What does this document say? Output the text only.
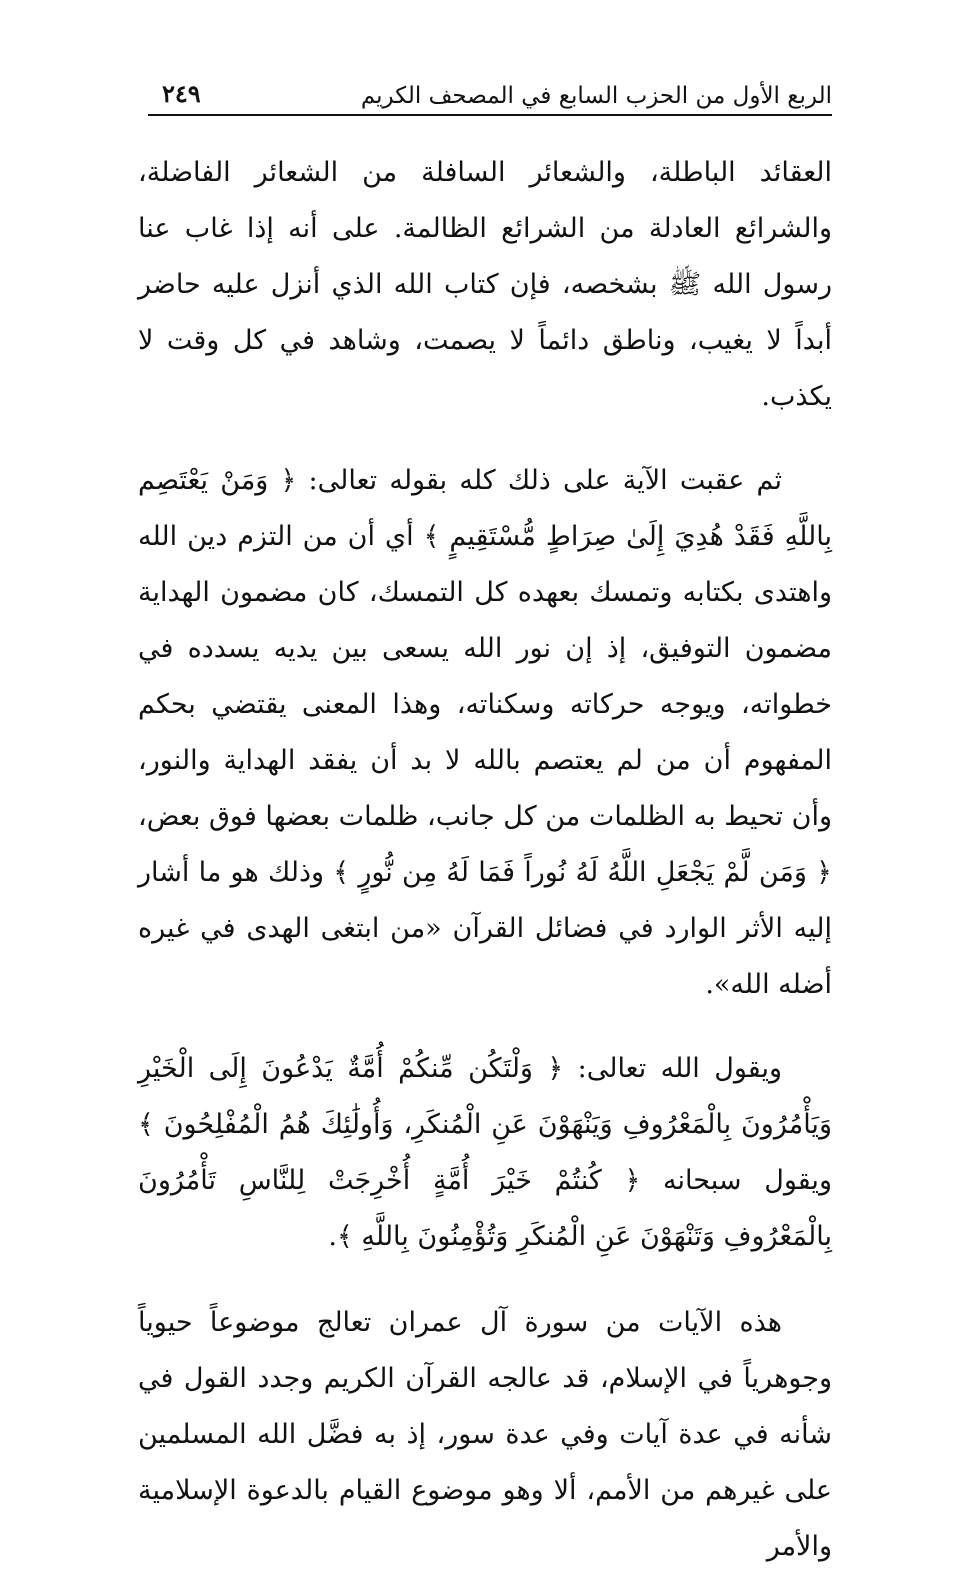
الربع الأول من الحزب السابع في المصحف الكريم
٢٤٩

العقائد الباطلة، والشعائر السافلة من الشعائر الفاضلة، والشرائع العادلة من الشرائع الظالمة. على أنه إذا غاب عنا رسول الله ﷺ بشخصه، فإن كتاب الله الذي أنزل عليه حاضر أبداً لا يغيب، وناطق دائماً لا يصمت، وشاهد في كل وقت لا يكذب.

ثم عقبت الآية على ذلك كله بقوله تعالى: ﴿ وَمَنْ يَعْتَصِم بِاللَّهِ فَقَدْ هُدِيَ إِلَىٰ صِرَاطٍ مُّسْتَقِيمٍ ﴾ أي أن من التزم دين الله واهتدى بكتابه وتمسك بعهده كل التمسك، كان مضمون الهداية مضمون التوفيق، إذ إن نور الله يسعى بين يديه يسدده في خطواته، ويوجه حركاته وسكناته، وهذا المعنى يقتضي بحكم المفهوم أن من لم يعتصم بالله لا بد أن يفقد الهداية والنور، وأن تحيط به الظلمات من كل جانب، ظلمات بعضها فوق بعض، ﴿ وَمَن لَّمْ يَجْعَلِ اللَّهُ لَهُ نُوراً فَمَا لَهُ مِن نُّورٍ ﴾ وذلك هو ما أشار إليه الأثر الوارد في فضائل القرآن «من ابتغى الهدى في غيره أضله الله».

ويقول الله تعالى: ﴿ وَلْتَكُن مِّنكُمْ أُمَّةٌ يَدْعُونَ إِلَى الْخَيْرِ وَيَأْمُرُونَ بِالْمَعْرُوفِ وَيَنْهَوْنَ عَنِ الْمُنكَرِ، وَأُولَٰئِكَ هُمُ الْمُفْلِحُونَ ﴾ ويقول سبحانه ﴿ كُنتُمْ خَيْرَ أُمَّةٍ أُخْرِجَتْ لِلنَّاسِ تَأْمُرُونَ بِالْمَعْرُوفِ وَتَنْهَوْنَ عَنِ الْمُنكَرِ وَتُؤْمِنُونَ بِاللَّهِ ﴾.

هذه الآيات من سورة آل عمران تعالج موضوعاً حيوياً وجوهرياً في الإسلام، قد عالجه القرآن الكريم وجدد القول في شأنه في عدة آيات وفي عدة سور، إذ به فضَّل الله المسلمين على غيرهم من الأمم، ألا وهو موضوع القيام بالدعوة الإسلامية والأمر
